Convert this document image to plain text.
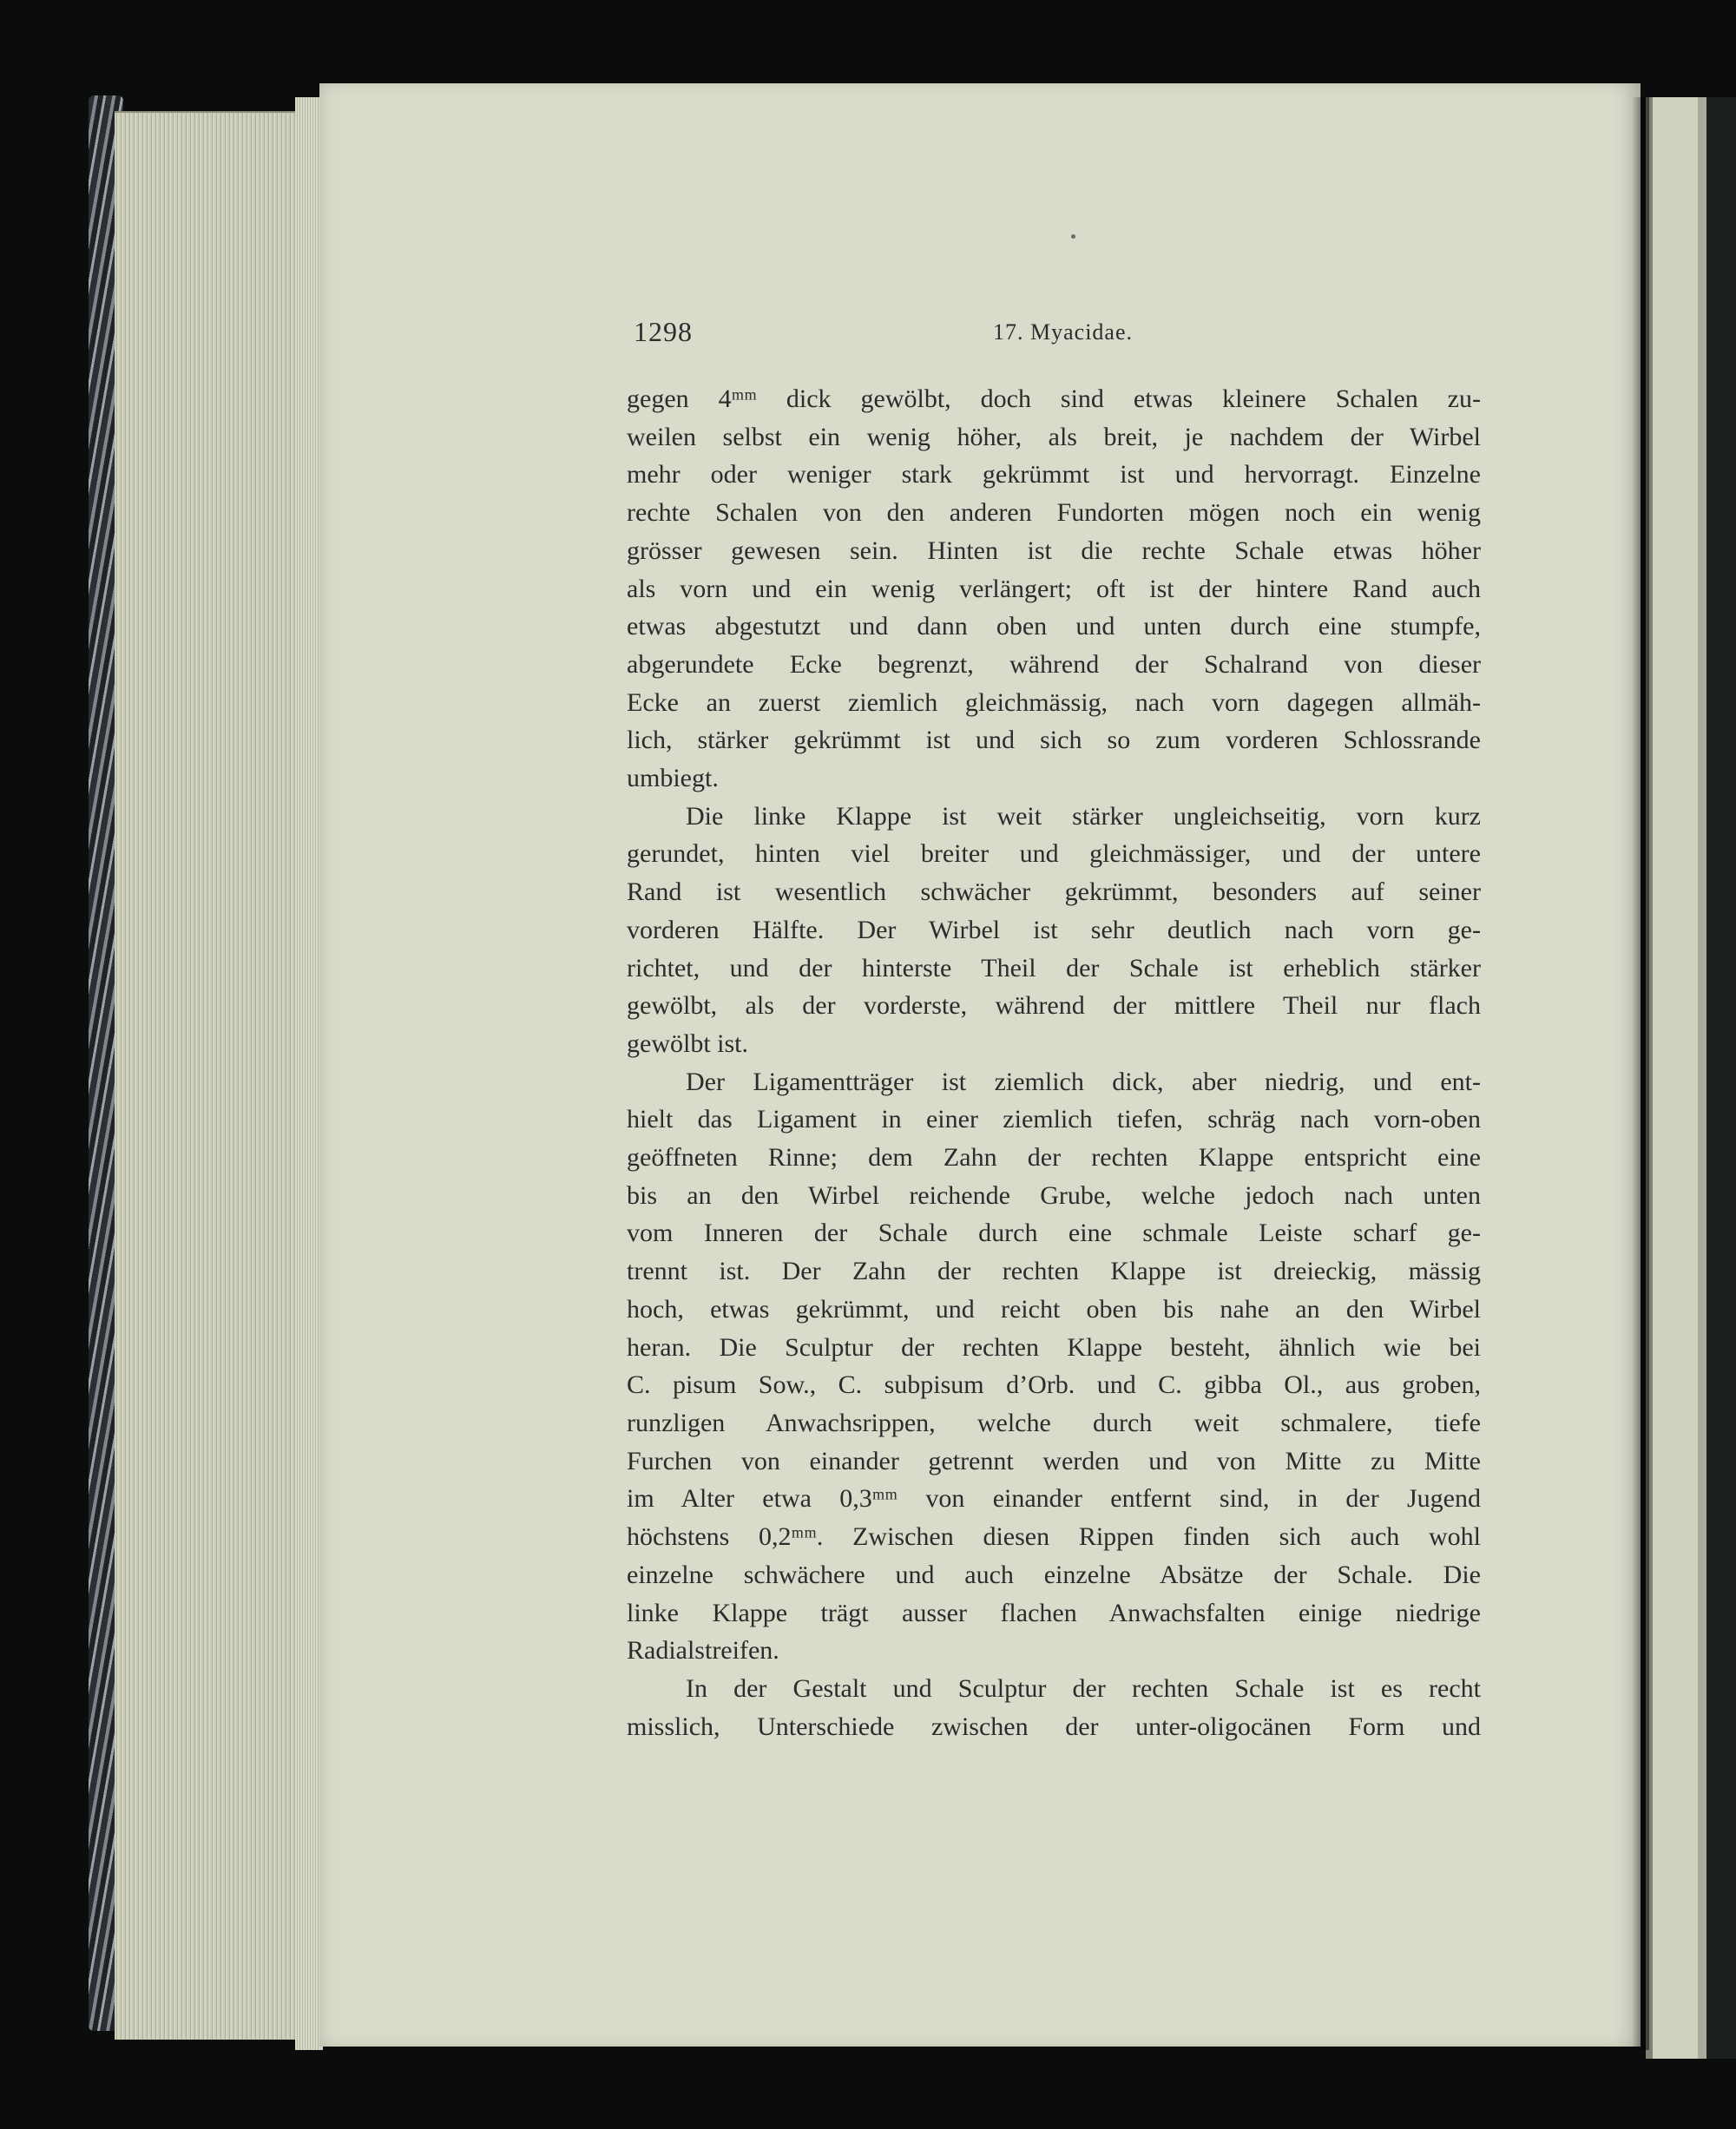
1298	17. Myacidae.
gegen 4ᵐᵐ dick gewölbt, doch sind etwas kleinere Schalen zu-
weilen selbst ein wenig höher, als breit, je nachdem der Wirbel
mehr oder weniger stark gekrümmt ist und hervorragt. Einzelne
rechte Schalen von den anderen Fundorten mögen noch ein wenig
grösser gewesen sein. Hinten ist die rechte Schale etwas höher
als vorn und ein wenig verlängert; oft ist der hintere Rand auch
etwas abgestutzt und dann oben und unten durch eine stumpfe,
abgerundete Ecke begrenzt, während der Schalrand von dieser
Ecke an zuerst ziemlich gleichmässig, nach vorn dagegen allmäh-
lich, stärker gekrümmt ist und sich so zum vorderen Schlossrande
umbiegt.
Die linke Klappe ist weit stärker ungleichseitig, vorn kurz
gerundet, hinten viel breiter und gleichmässiger, und der untere
Rand ist wesentlich schwächer gekrümmt, besonders auf seiner
vorderen Hälfte. Der Wirbel ist sehr deutlich nach vorn ge-
richtet, und der hinterste Theil der Schale ist erheblich stärker
gewölbt, als der vorderste, während der mittlere Theil nur flach
gewölbt ist.
Der Ligamentträger ist ziemlich dick, aber niedrig, und ent-
hielt das Ligament in einer ziemlich tiefen, schräg nach vorn-oben
geöffneten Rinne; dem Zahn der rechten Klappe entspricht eine
bis an den Wirbel reichende Grube, welche jedoch nach unten
vom Inneren der Schale durch eine schmale Leiste scharf ge-
trennt ist. Der Zahn der rechten Klappe ist dreieckig, mässig
hoch, etwas gekrümmt, und reicht oben bis nahe an den Wirbel
heran. Die Sculptur der rechten Klappe besteht, ähnlich wie bei
C. pisum Sow., C. subpisum d’Orb. und C. gibba Ol., aus groben,
runzligen Anwachsrippen, welche durch weit schmalere, tiefe
Furchen von einander getrennt werden und von Mitte zu Mitte
im Alter etwa 0,3ᵐᵐ von einander entfernt sind, in der Jugend
höchstens 0,2ᵐᵐ. Zwischen diesen Rippen finden sich auch wohl
einzelne schwächere und auch einzelne Absätze der Schale. Die
linke Klappe trägt ausser flachen Anwachsfalten einige niedrige
Radialstreifen.
In der Gestalt und Sculptur der rechten Schale ist es recht
misslich, Unterschiede zwischen der unter-oligocänen Form und
